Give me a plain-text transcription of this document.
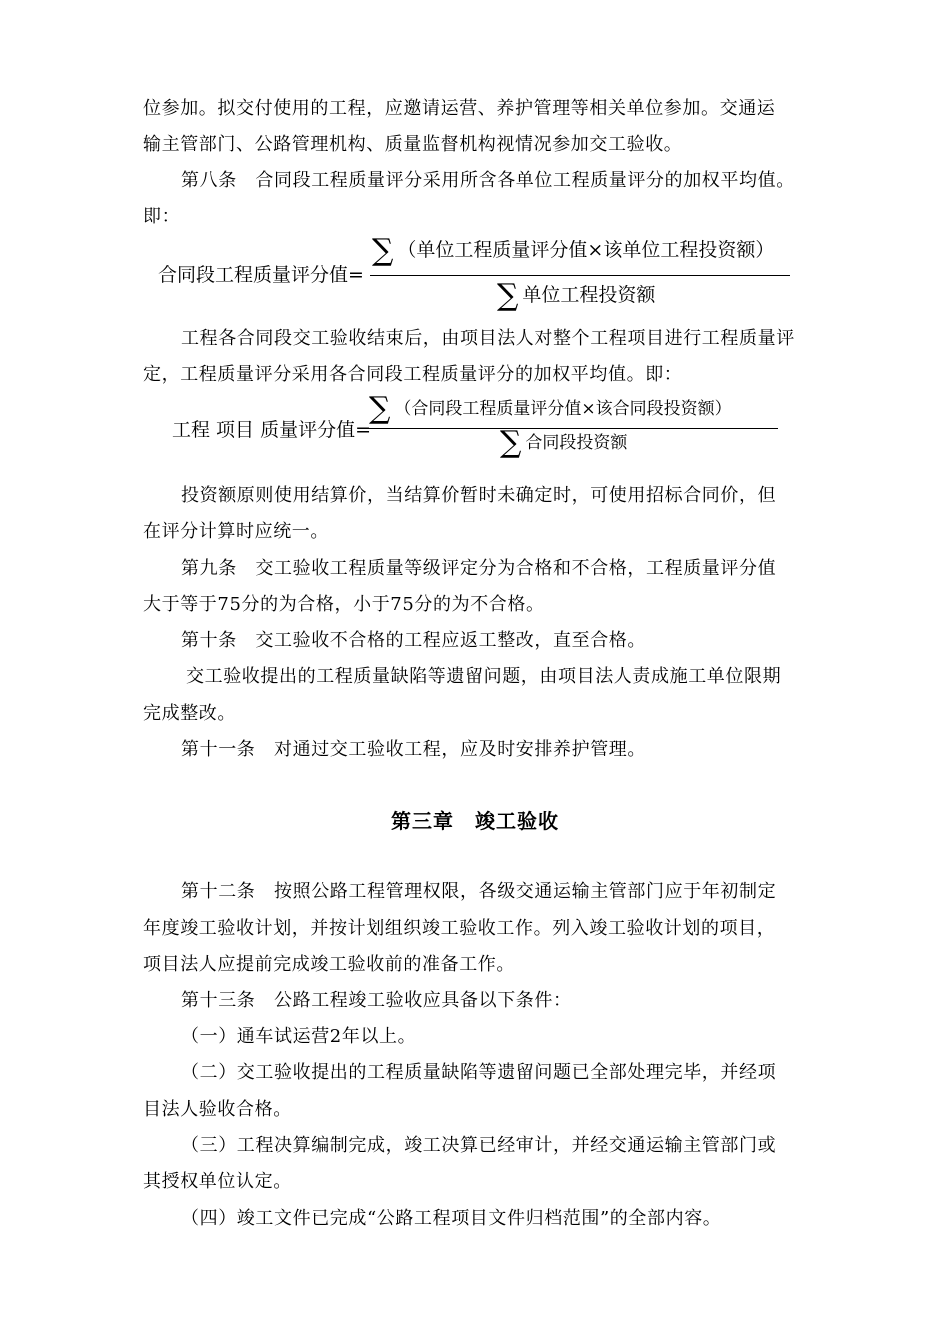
位参加。拟交付使用的工程，应邀请运营、养护管理等相关单位参加。交通运
输主管部门、公路管理机构、质量监督机构视情况参加交工验收。
第八条　合同段工程质量评分采用所含各单位工程质量评分的加权平均值。
即：
合同段工程质量评分值=
∑ （单位工程质量评分值×该单位工程投资额）
∑ 单位工程投资额
工程各合同段交工验收结束后，由项目法人对整个工程项目进行工程质量评
定，工程质量评分采用各合同段工程质量评分的加权平均值。即：
工程 项目 质量评分值=
∑ （合同段工程质量评分值×该合同段投资额）
∑ 合同段投资额
投资额原则使用结算价，当结算价暂时未确定时，可使用招标合同价，但
在评分计算时应统一。
第九条　交工验收工程质量等级评定分为合格和不合格，工程质量评分值
大于等于75分的为合格，小于75分的为不合格。
第十条　交工验收不合格的工程应返工整改，直至合格。
交工验收提出的工程质量缺陷等遗留问题，由项目法人责成施工单位限期
完成整改。
第十一条　对通过交工验收工程，应及时安排养护管理。
第三章　竣工验收
第十二条　按照公路工程管理权限，各级交通运输主管部门应于年初制定
年度竣工验收计划，并按计划组织竣工验收工作。列入竣工验收计划的项目，
项目法人应提前完成竣工验收前的准备工作。
第十三条　公路工程竣工验收应具备以下条件：
（一）通车试运营2年以上。
（二）交工验收提出的工程质量缺陷等遗留问题已全部处理完毕，并经项
目法人验收合格。
（三）工程决算编制完成，竣工决算已经审计，并经交通运输主管部门或
其授权单位认定。
（四）竣工文件已完成“公路工程项目文件归档范围”的全部内容。
